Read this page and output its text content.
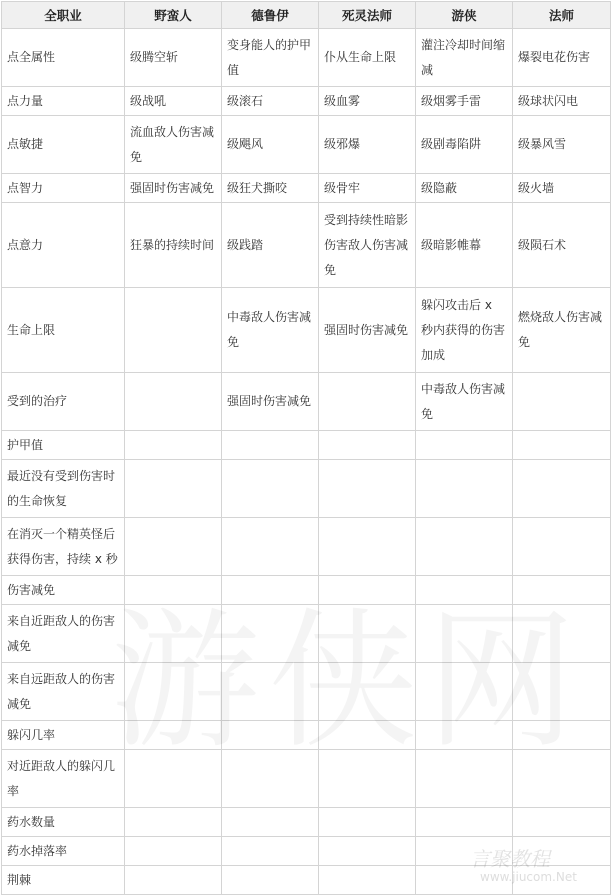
全职业	野蛮人	德鲁伊	死灵法师	游侠	法师
点全属性	级腾空斩	变身能人的护甲值	仆从生命上限	灌注冷却时间缩减	爆裂电花伤害
点力量	级战吼	级滚石	级血雾	级烟雾手雷	级球状闪电
点敏捷	流血敌人伤害减免	级飓风	级邪爆	级剧毒陷阱	级暴风雪
点智力	强固时伤害减免	级狂犬撕咬	级骨牢	级隐蔽	级火墙
点意力	狂暴的持续时间	级践踏	受到持续性暗影伤害敌人伤害减免	级暗影帷幕	级陨石术
生命上限		中毒敌人伤害减免	强固时伤害减免	躲闪攻击后 x 秒内获得的伤害加成	燃烧敌人伤害减免
受到的治疗		强固时伤害减免		中毒敌人伤害减免	
护甲值					
最近没有受到伤害时的生命恢复					
在消灭一个精英怪后获得伤害，持续 x 秒					
伤害减免					
来自近距敌人的伤害减免					
来自远距敌人的伤害减免					
躲闪几率					
对近距敌人的躲闪几率					
药水数量					
药水掉落率					
荆棘					
言聚教程
www.jiucom.Net
